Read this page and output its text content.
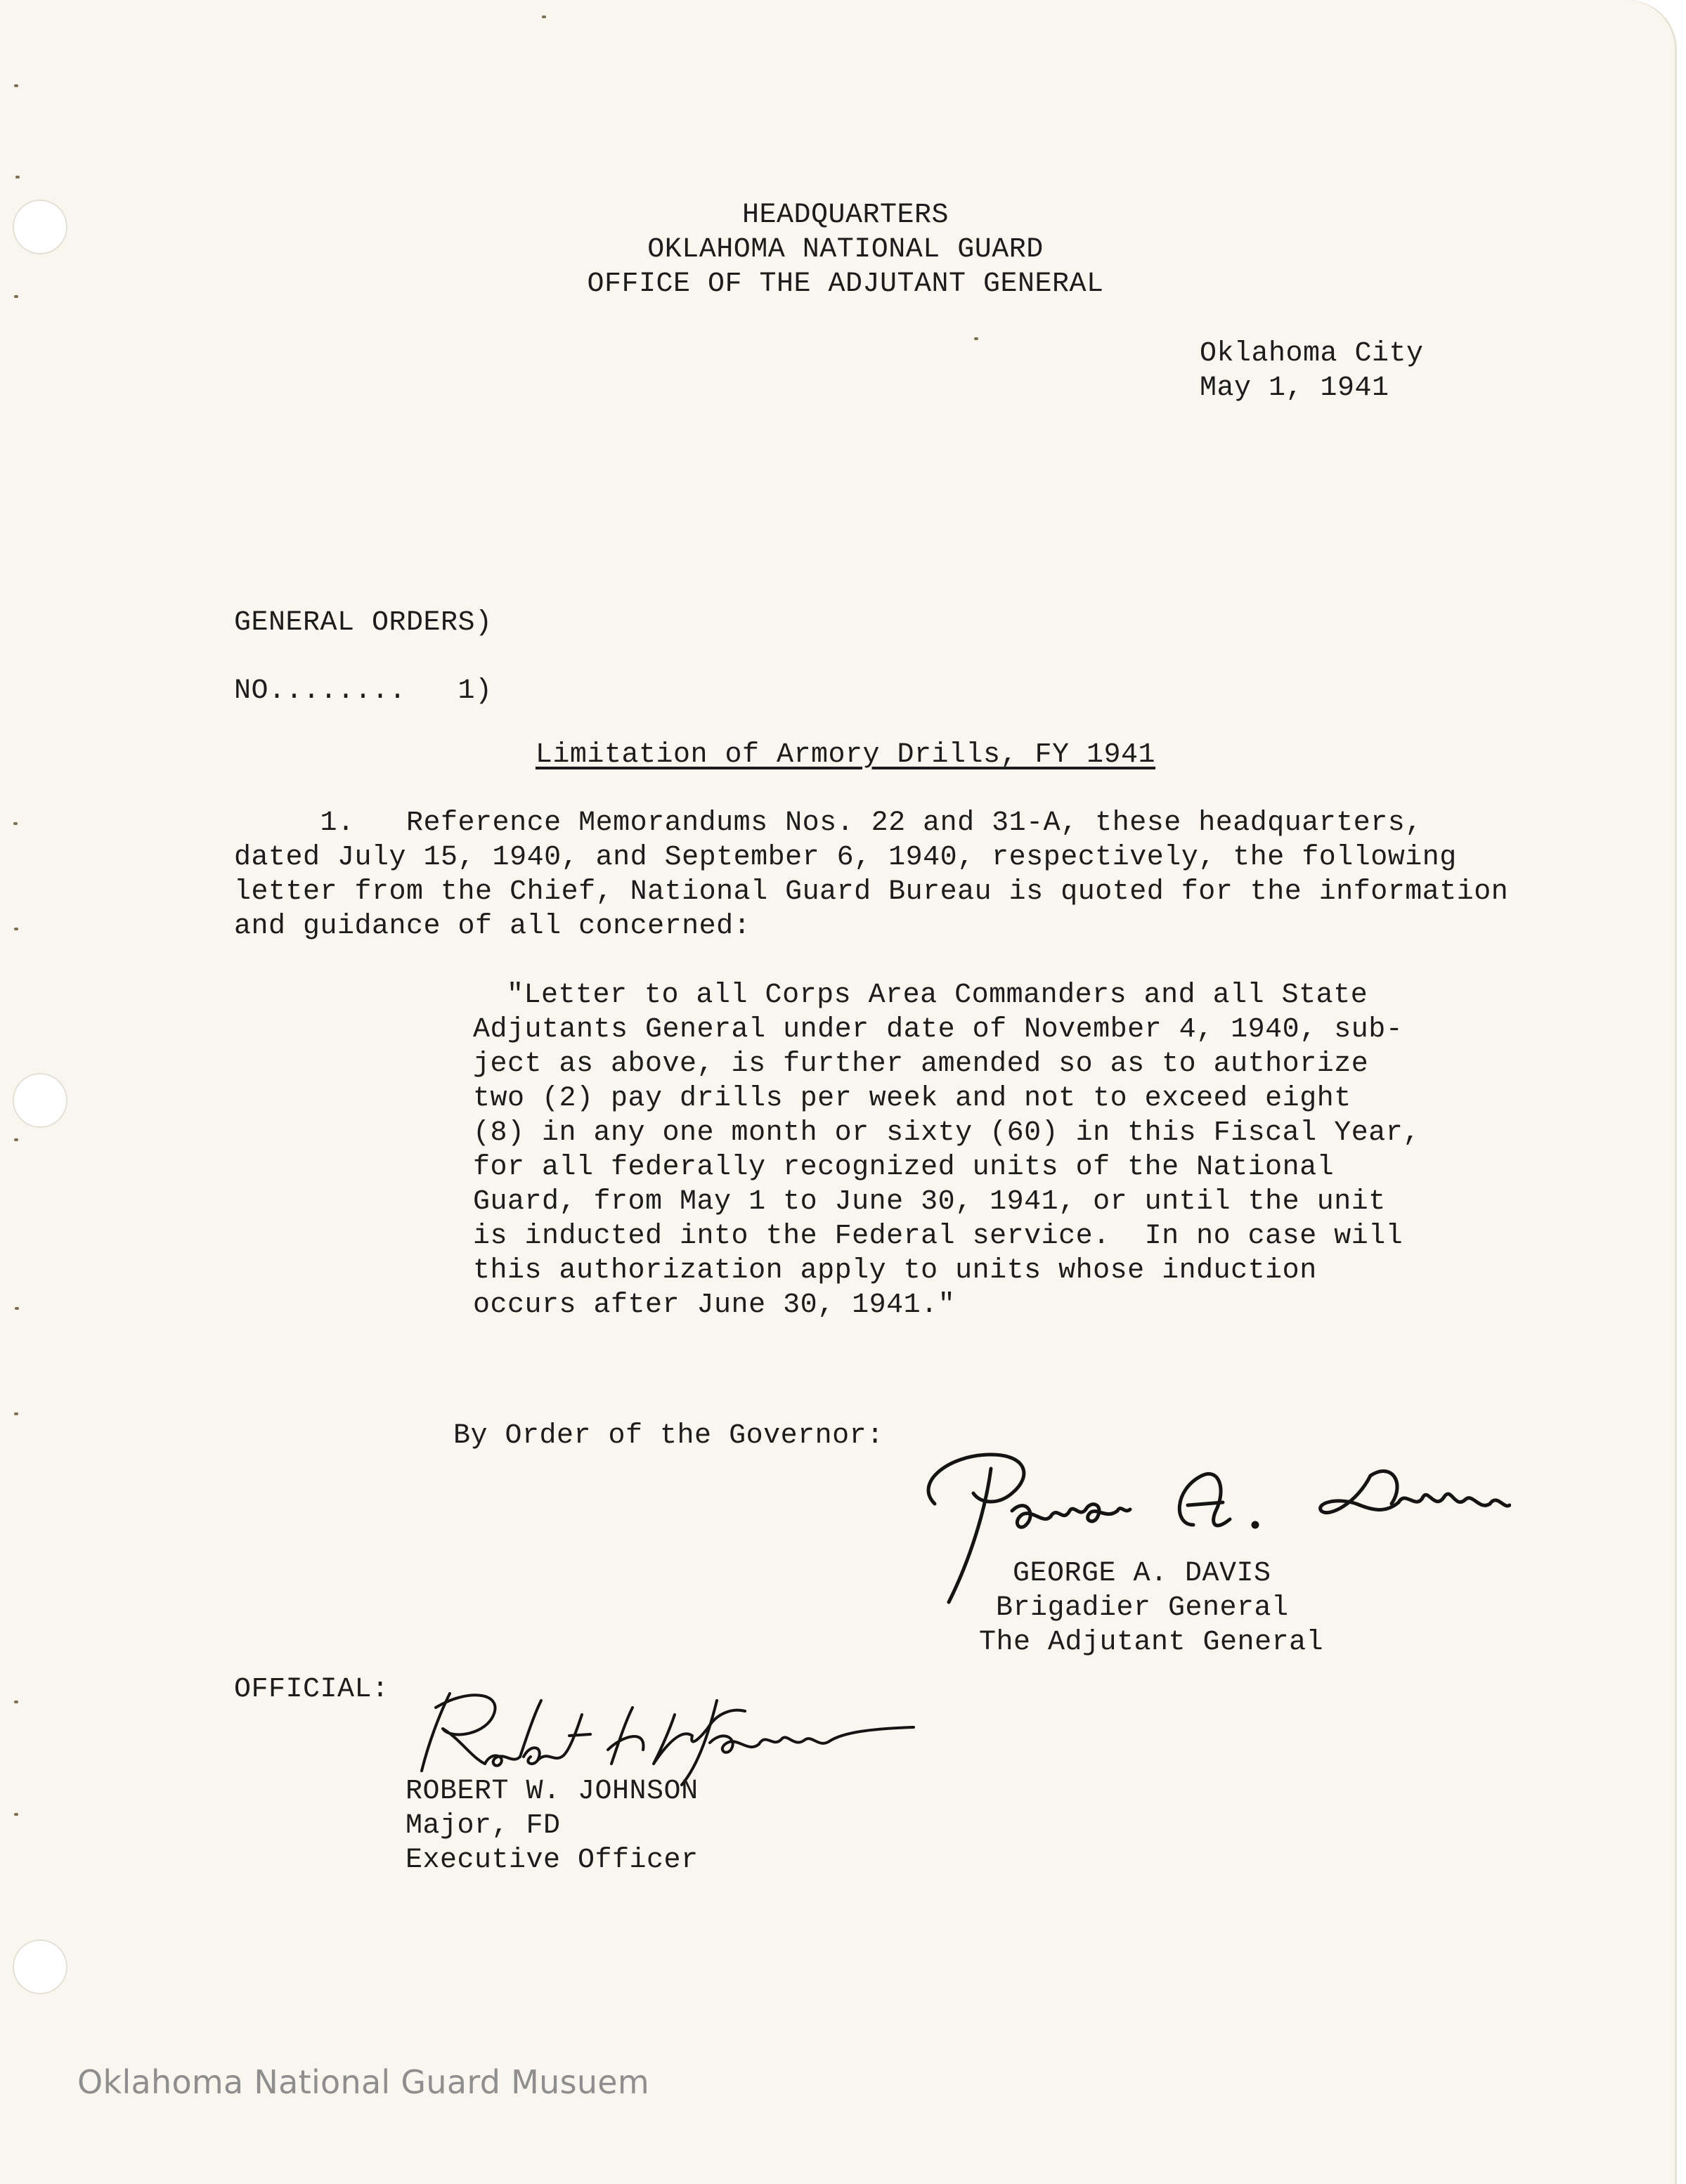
HEADQUARTERS
OKLAHOMA NATIONAL GUARD
OFFICE OF THE ADJUTANT GENERAL
Oklahoma City
May 1, 1941
GENERAL ORDERS)
NO........   1)
Limitation of Armory Drills, FY 1941
1.   Reference Memorandums Nos. 22 and 31-A, these headquarters,
dated July 15, 1940, and September 6, 1940, respectively, the following
letter from the Chief, National Guard Bureau is quoted for the information
and guidance of all concerned:
"Letter to all Corps Area Commanders and all State
Adjutants General under date of November 4, 1940, sub-
ject as above, is further amended so as to authorize
two (2) pay drills per week and not to exceed eight
(8) in any one month or sixty (60) in this Fiscal Year,
for all federally recognized units of the National
Guard, from May 1 to June 30, 1941, or until the unit
is inducted into the Federal service.  In no case will
this authorization apply to units whose induction
occurs after June 30, 1941."
By Order of the Governor:
GEORGE A. DAVIS
Brigadier General
The Adjutant General
OFFICIAL:
ROBERT W. JOHNSON
Major, FD
Executive Officer
Oklahoma National Guard Musuem
